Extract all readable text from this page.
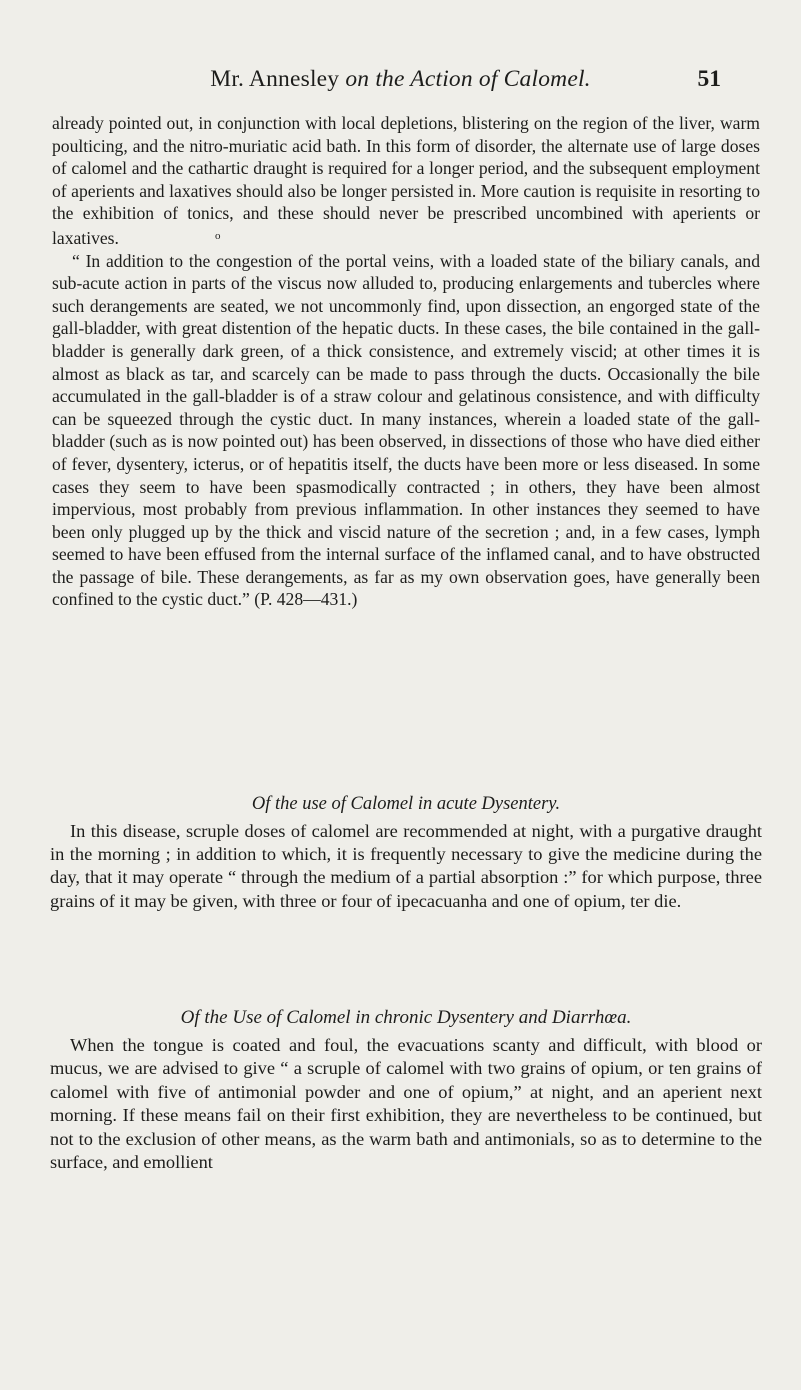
Mr. Annesley on the Action of Calomel.	51

already pointed out, in conjunction with local depletions, blistering on the region of the liver, warm poulticing, and the nitro-muriatic acid bath. In this form of disorder, the alternate use of large doses of calomel and the cathartic draught is required for a longer period, and the subsequent employment of aperients and laxatives should also be longer persisted in. More caution is requisite in resorting to the exhibition of tonics, and these should never be prescribed uncombined with aperients or laxatives.	o

“ In addition to the congestion of the portal veins, with a loaded state of the biliary canals, and sub-acute action in parts of the viscus now alluded to, producing enlargements and tubercles where such derangements are seated, we not uncommonly find, upon dissection, an engorged state of the gall-bladder, with great distention of the hepatic ducts. In these cases, the bile contained in the gall-bladder is generally dark green, of a thick consistence, and extremely viscid; at other times it is almost as black as tar, and scarcely can be made to pass through the ducts. Occasionally the bile accumulated in the gall-bladder is of a straw colour and gelatinous consistence, and with difficulty can be squeezed through the cystic duct. In many instances, wherein a loaded state of the gall-bladder (such as is now pointed out) has been observed, in dissections of those who have died either of fever, dysentery, icterus, or of hepatitis itself, the ducts have been more or less diseased. In some cases they seem to have been spasmodically contracted ; in others, they have been almost impervious, most probably from previous inflammation. In other instances they seemed to have been only plugged up by the thick and viscid nature of the secretion ; and, in a few cases, lymph seemed to have been effused from the internal surface of the inflamed canal, and to have obstructed the passage of bile. These derangements, as far as my own observation goes, have generally been confined to the cystic duct.” (P. 428—431.)

Of the use of Calomel in acute Dysentery.

In this disease, scruple doses of calomel are recommended at night, with a purgative draught in the morning ; in addition to which, it is frequently necessary to give the medicine during the day, that it may operate “ through the medium of a partial absorption :” for which purpose, three grains of it may be given, with three or four of ipecacuanha and one of opium, ter die.

Of the Use of Calomel in chronic Dysentery and Diarrhœa.

When the tongue is coated and foul, the evacuations scanty and difficult, with blood or mucus, we are advised to give “ a scruple of calomel with two grains of opium, or ten grains of calomel with five of antimonial powder and one of opium,” at night, and an aperient next morning. If these means fail on their first exhibition, they are nevertheless to be continued, but not to the exclusion of other means, as the warm bath and antimonials, so as to determine to the surface, and emollient
